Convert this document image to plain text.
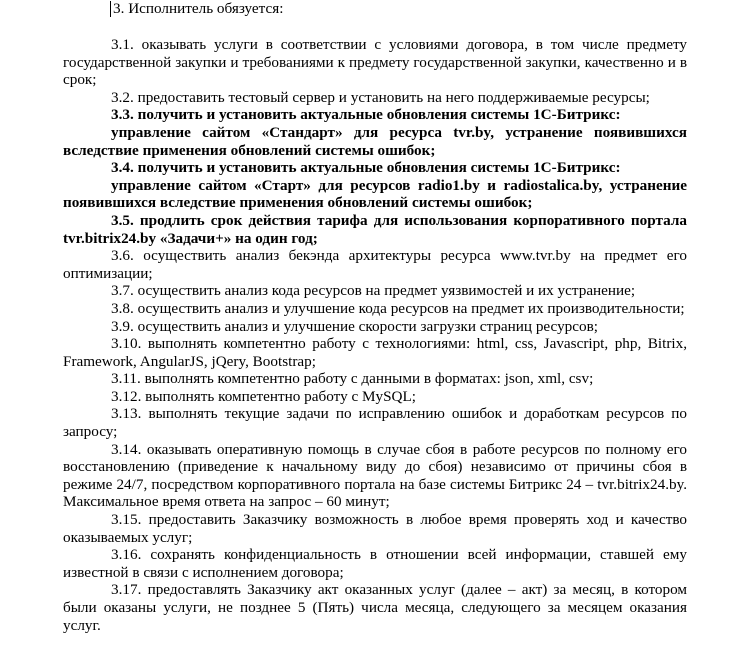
3. Исполнитель обязуется:

3.1. оказывать услуги в соответствии с условиями договора, в том числе предмету государственной закупки и требованиями к предмету государственной закупки, качественно и в срок;

3.2. предоставить тестовый сервер и установить на него поддерживаемые ресурсы;

3.3. получить и установить актуальные обновления системы 1С-Битрикс:

управление сайтом «Стандарт» для ресурса tvr.by, устранение появившихся вследствие применения обновлений системы ошибок;

3.4. получить и установить актуальные обновления системы 1С-Битрикс:

управление сайтом «Старт» для ресурсов radio1.by и radiostalica.by, устранение появившихся вследствие применения обновлений системы ошибок;

3.5. продлить срок действия тарифа для использования корпоративного портала tvr.bitrix24.by «Задачи+» на один год;

3.6. осуществить анализ бекэнда архитектуры ресурса www.tvr.by на предмет его оптимизации;

3.7. осуществить анализ кода ресурсов на предмет уязвимостей и их устранение;

3.8. осуществить анализ и улучшение кода ресурсов на предмет их производительности;

3.9. осуществить анализ и улучшение скорости загрузки страниц ресурсов;

3.10. выполнять компетентно работу с технологиями: html, css, Javascript, php, Bitrix, Framework, AngularJS, jQery, Bootstrap;

3.11. выполнять компетентно работу с данными в форматах: json, xml, csv;

3.12. выполнять компетентно работу с MySQL;

3.13. выполнять текущие задачи по исправлению ошибок и доработкам ресурсов по запросу;

3.14. оказывать оперативную помощь в случае сбоя в работе ресурсов по полному его восстановлению (приведение к начальному виду до сбоя) независимо от причины сбоя в режиме 24/7, посредством корпоративного портала на базе системы Битрикс 24 – tvr.bitrix24.by. Максимальное время ответа на запрос – 60 минут;

3.15. предоставить Заказчику возможность в любое время проверять ход и качество оказываемых услуг;

3.16. сохранять конфиденциальность в отношении всей информации, ставшей ему известной в связи с исполнением договора;

3.17. предоставлять Заказчику акт оказанных услуг (далее – акт) за месяц, в котором были оказаны услуги, не позднее 5 (Пять) числа месяца, следующего за месяцем оказания услуг.
